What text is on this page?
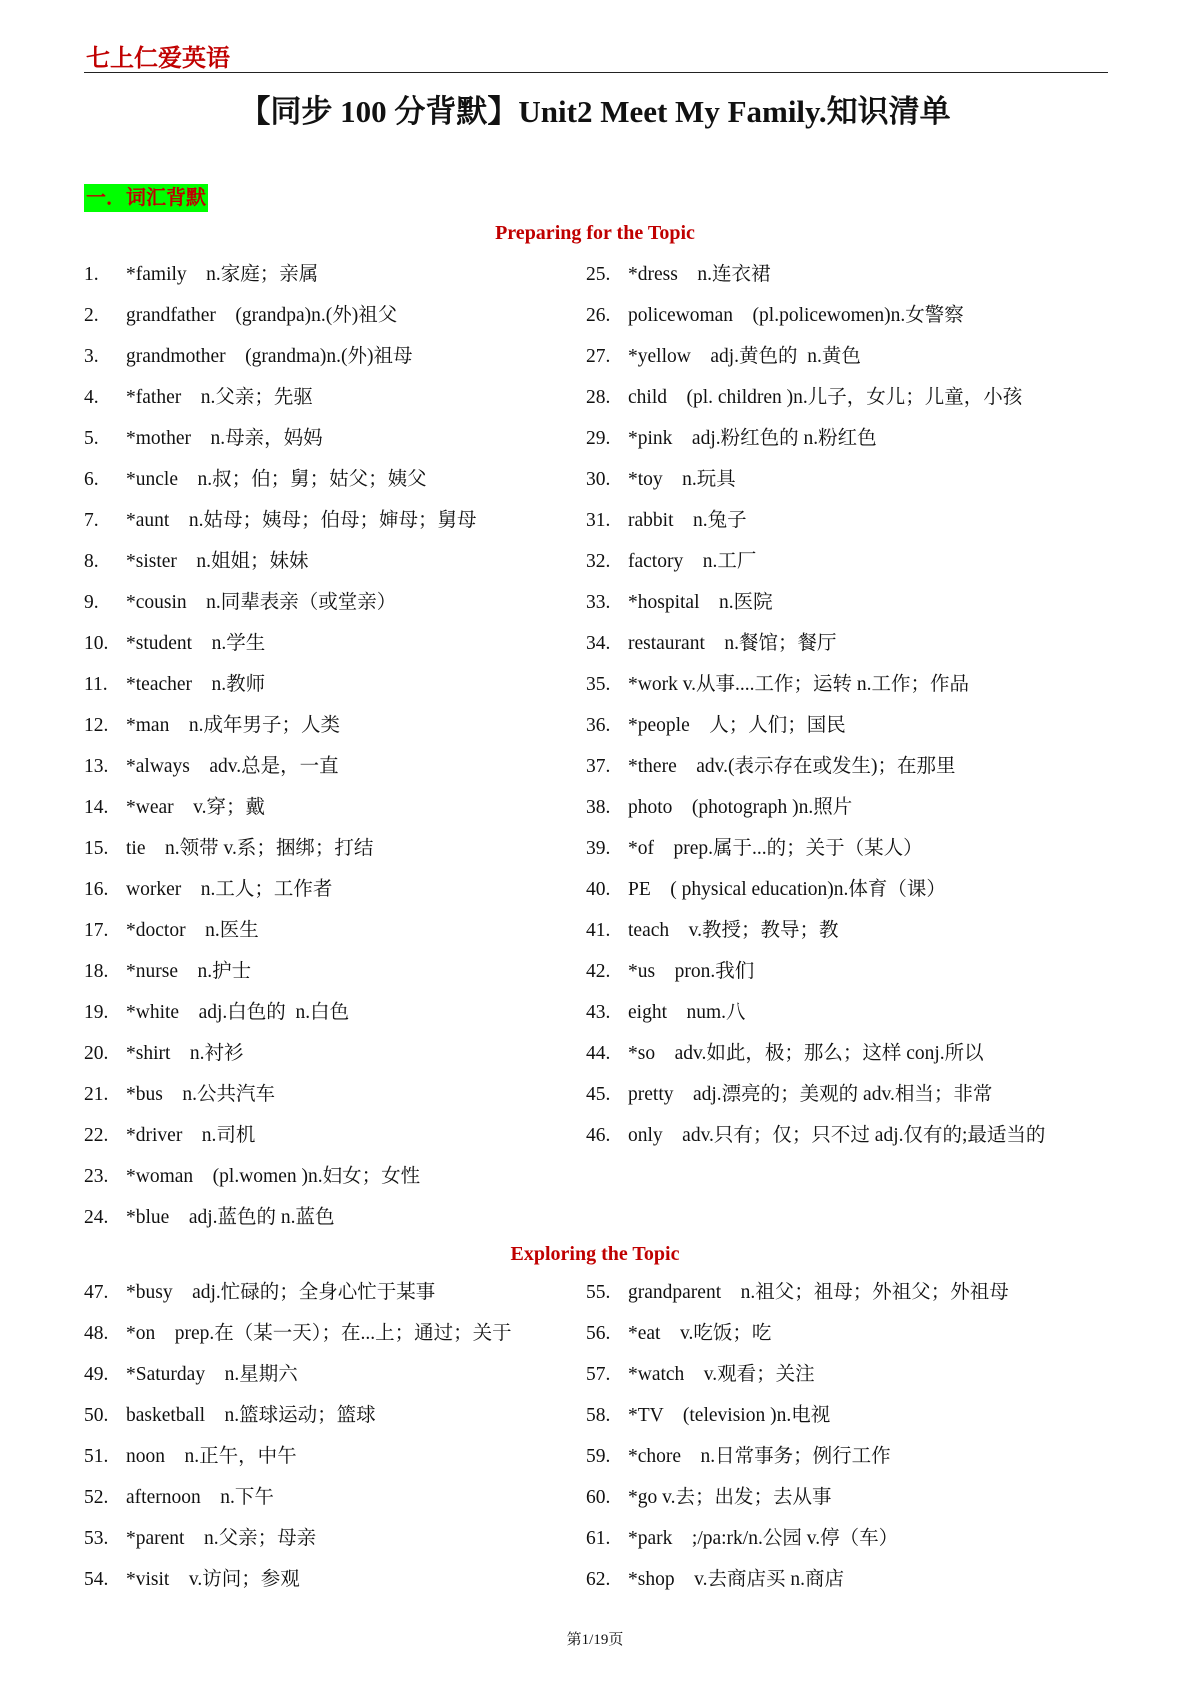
七上仁爱英语
【同步 100 分背默】Unit2 Meet My Family.知识清单
一．词汇背默
Preparing for the Topic
1.	*family    n.家庭；亲属
2.	grandfather    (grandpa)n.(外)祖父
3.	grandmother    (grandma)n.(外)祖母
4.	*father    n.父亲；先驱
5.	*mother    n.母亲，妈妈
6.	*uncle    n.叔；伯；舅；姑父；姨父
7.	*aunt    n.姑母；姨母；伯母；婶母；舅母
8.	*sister    n.姐姐；妹妹
9.	*cousin    n.同辈表亲（或堂亲）
10. *student    n.学生
11. *teacher    n.教师
12. *man    n.成年男子；人类
13. *always    adv.总是，一直
14. *wear    v.穿；戴
15. tie    n.领带 v.系；捆绑；打结
16. worker    n.工人；工作者
17. *doctor    n.医生
18. *nurse    n.护士
19. *white    adj.白色的  n.白色
20. *shirt    n.衬衫
21. *bus    n.公共汽车
22. *driver    n.司机
23. *woman    (pl.women )n.妇女；女性
24. *blue    adj.蓝色的 n.蓝色
25. *dress    n.连衣裙
26. policewoman    (pl.policewomen)n.女警察
27. *yellow    adj.黄色的  n.黄色
28. child    (pl. children )n.儿子，女儿；儿童，小孩
29. *pink    adj.粉红色的 n.粉红色
30. *toy    n.玩具
31. rabbit    n.兔子
32. factory    n.工厂
33. *hospital    n.医院
34. restaurant    n.餐馆；餐厅
35. *work v.从事....工作；运转 n.工作；作品
36. *people    人；人们；国民
37. *there    adv.(表示存在或发生)；在那里
38. photo    (photograph )n.照片
39. *of    prep.属于...的；关于（某人）
40. PE    ( physical education)n.体育（课）
41. teach    v.教授；教导；教
42. *us    pron.我们
43. eight    num.八
44. *so    adv.如此，极；那么；这样 conj.所以
45. pretty    adj.漂亮的；美观的 adv.相当；非常
46. only    adv.只有；仅；只不过 adj.仅有的;最适当的
Exploring the Topic
47. *busy    adj.忙碌的；全身心忙于某事
48. *on    prep.在（某一天）；在...上；通过；关于
49. *Saturday    n.星期六
50. basketball    n.篮球运动；篮球
51. noon    n.正午，中午
52. afternoon    n.下午
53. *parent    n.父亲；母亲
54. *visit    v.访问；参观
55. grandparent    n.祖父；祖母；外祖父；外祖母
56. *eat    v.吃饭；吃
57. *watch    v.观看；关注
58. *TV    (television )n.电视
59. *chore    n.日常事务；例行工作
60. *go v.去；出发；去从事
61. *park    ;/pa:rk/n.公园 v.停（车）
62. *shop    v.去商店买 n.商店
第1/19页
